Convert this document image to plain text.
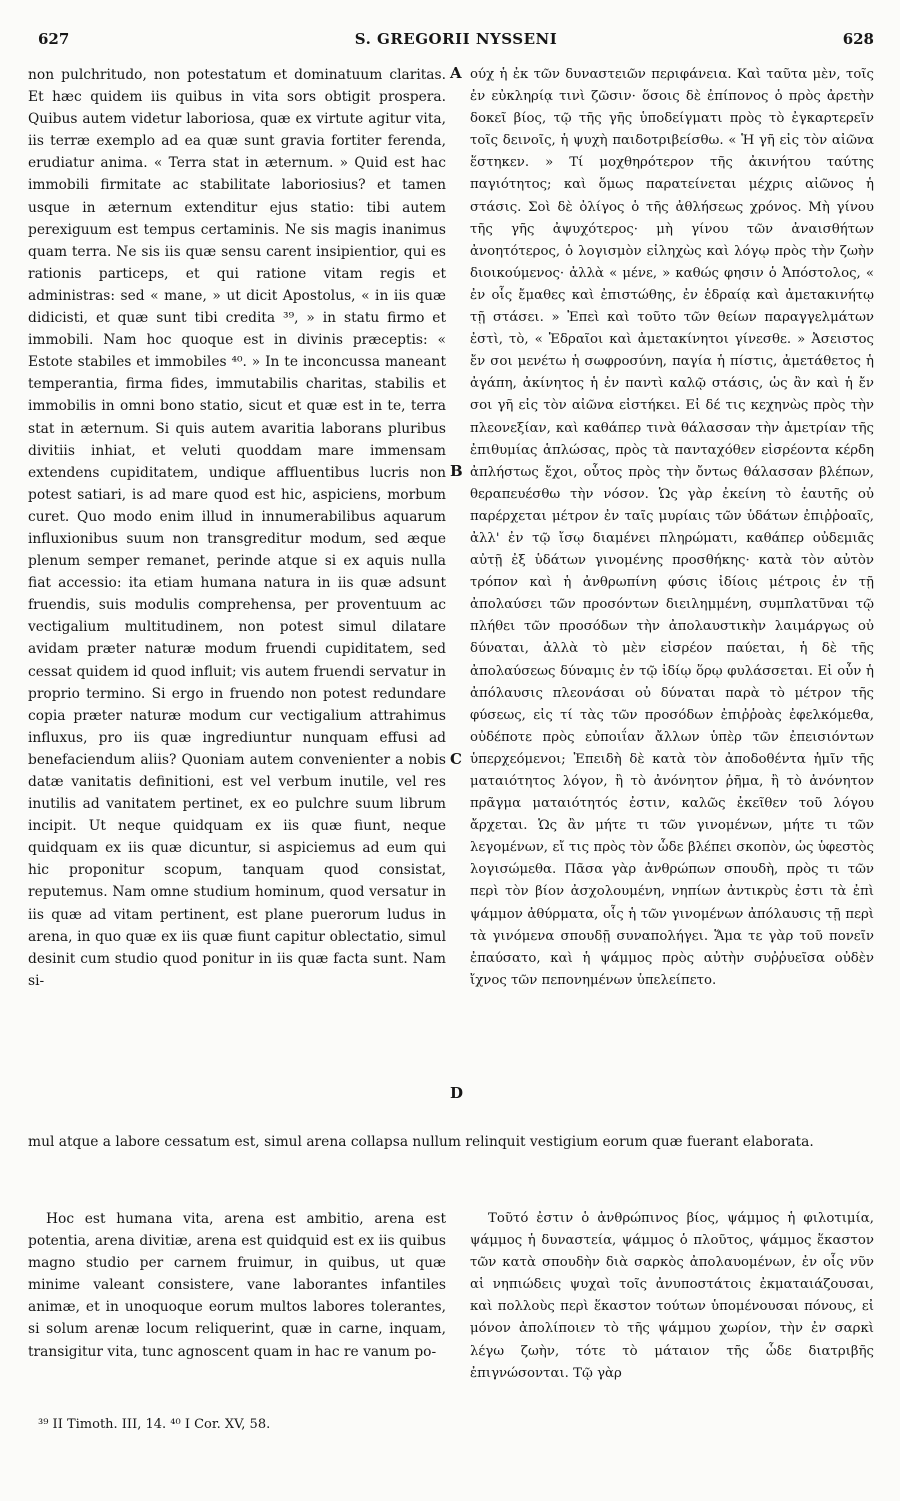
627	S. GREGORII NYSSENI	628

non pulchritudo, non potestatum et dominatuum claritas. Et hæc quidem iis quibus in vita sors obtigit prospera. Quibus autem videtur laboriosa, quæ ex virtute agitur vita, iis terræ exemplo ad ea quæ sunt gravia fortiter ferenda, erudiatur anima. « Terra stat in æternum. » Quid est hac immobili firmitate ac stabilitate laboriosius? et tamen usque in æternum extenditur ejus statio: tibi autem perexiguum est tempus certaminis. Ne sis magis inanimus quam terra. Ne sis iis quæ sensu carent insipientior, qui es rationis particeps, et qui ratione vitam regis et administras: sed « mane, » ut dicit Apostolus, « in iis quæ didicisti, et quæ sunt tibi credita ³⁹, » in statu firmo et immobili. Nam hoc quoque est in divinis præceptis: « Estote stabiles et immobiles ⁴⁰. » In te inconcussa maneant temperantia, firma fides, immutabilis charitas, stabilis et immobilis in omni bono statio, sicut et quæ est in te, terra stat in æternum. Si quis autem avaritia laborans pluribus divitiis inhiat, et veluti quoddam mare immensam extendens cupiditatem, undique affluentibus lucris non potest satiari, is ad mare quod est hic, aspiciens, morbum curet. Quo modo enim illud in innumerabilibus aquarum influxionibus suum non transgreditur modum, sed æque plenum semper remanet, perinde atque si ex aquis nulla fiat accessio: ita etiam humana natura in iis quæ adsunt fruendis, suis modulis comprehensa, per proventuum ac vectigalium multitudinem, non potest simul dilatare avidam præter naturæ modum fruendi cupiditatem, sed cessat quidem id quod influit; vis autem fruendi servatur in proprio termino. Si ergo in fruendo non potest redundare copia præter naturæ modum cur vectigalium attrahimus influxus, pro iis quæ ingrediuntur nunquam effusi ad benefaciendum aliis? Quoniam autem convenienter a nobis datæ vanitatis definitioni, est vel verbum inutile, vel res inutilis ad vanitatem pertinet, ex eo pulchre suum librum incipit. Ut neque quidquam ex iis quæ fiunt, neque quidquam ex iis quæ dicuntur, si aspiciemus ad eum qui hic proponitur scopum, tanquam quod consistat, reputemus. Nam omne studium hominum, quod versatur in iis quæ ad vitam pertinent, est plane puerorum ludus in arena, in quo quæ ex iis quæ fiunt capitur oblectatio, simul desinit cum studio quod ponitur in iis quæ facta sunt. Nam si-

A
B
C
D

ούχ ἡ ἐκ τῶν δυναστειῶν περιφάνεια. Καὶ ταῦτα μὲν, τοῖς ἐν εὐκληρίᾳ τινὶ ζῶσιν· ὅσοις δὲ ἐπίπονος ὁ πρὸς ἀρετὴν δοκεῖ βίος, τῷ τῆς γῆς ὑποδείγματι πρὸς τὸ ἐγκαρτερεῖν τοῖς δεινοῖς, ἡ ψυχὴ παιδοτριβείσθω. « Ἡ γῆ εἰς τὸν αἰῶνα ἕστηκεν. » Τί μοχθηρότερον τῆς ἀκινήτου ταύτης παγιότητος; καὶ ὅμως παρατείνεται μέχρις αἰῶνος ἡ στάσις. Σοὶ δὲ ὀλίγος ὁ τῆς ἀθλήσεως χρόνος. Μὴ γίνου τῆς γῆς ἀψυχότερος· μὴ γίνου τῶν ἀναισθήτων ἀνοητότερος, ὁ λογισμὸν εἰληχὼς καὶ λόγῳ πρὸς τὴν ζωὴν διοικούμενος· ἀλλὰ « μένε, » καθώς φησιν ὁ Ἀπόστολος, « ἐν οἷς ἔμαθες καὶ ἐπιστώθης, ἐν ἑδραίᾳ καὶ ἀμετακινήτῳ τῇ στάσει. » Ἐπεὶ καὶ τοῦτο τῶν θείων παραγγελμάτων ἐστὶ, τὸ, « Ἑδραῖοι καὶ ἀμετακίνητοι γίνεσθε. » Ἀσειστος ἔν σοι μενέτω ἡ σωφροσύνη, παγία ἡ πίστις, ἀμετάθετος ἡ ἀγάπη, ἀκίνητος ἡ ἐν παντὶ καλῷ στάσις, ὡς ἂν καὶ ἡ ἔν σοι γῆ εἰς τὸν αἰῶνα εἱστήκει. Εἰ δέ τις κεχηνὼς πρὸς τὴν πλεονεξίαν, καὶ καθάπερ τινὰ θάλασσαν τὴν ἀμετρίαν τῆς ἐπιθυμίας ἁπλώσας, πρὸς τὰ πανταχόθεν εἰσρέοντα κέρδη ἀπλήστως ἔχοι, οὗτος πρὸς τὴν ὄντως θάλασσαν βλέπων, θεραπευέσθω τὴν νόσον. Ὡς γὰρ ἐκείνη τὸ ἑαυτῆς οὐ παρέρχεται μέτρον ἐν ταῖς μυρίαις τῶν ὑδάτων ἐπιῤῥοαῖς, ἀλλ' ἐν τῷ ἴσῳ διαμένει πληρώματι, καθάπερ οὐδεμιᾶς αὐτῇ ἐξ ὑδάτων γινομένης προσθήκης· κατὰ τὸν αὐτὸν τρόπον καὶ ἡ ἀνθρωπίνη φύσις ἰδίοις μέτροις ἐν τῇ ἀπολαύσει τῶν προσόντων διειλημμένη, συμπλατῦναι τῷ πλήθει τῶν προσόδων τὴν ἀπολαυστικὴν λαιμάργως οὐ δύναται, ἀλλὰ τὸ μὲν εἰσρέον παύεται, ἡ δὲ τῆς ἀπολαύσεως δύναμις ἐν τῷ ἰδίῳ ὅρῳ φυλάσσεται. Εἰ οὖν ἡ ἀπόλαυσις πλεονάσαι οὐ δύναται παρὰ τὸ μέτρον τῆς φύσεως, εἰς τί τὰς τῶν προσόδων ἐπιῤῥοὰς ἐφελκόμεθα, οὐδέποτε πρὸς εὐποιΐαν ἄλλων ὑπὲρ τῶν ἐπεισιόντων ὑπερχεόμενοι; Ἐπειδὴ δὲ κατὰ τὸν ἀποδοθέντα ἡμῖν τῆς ματαιότητος λόγον, ἢ τὸ ἀνόνητον ῥῆμα, ἢ τὸ ἀνόνητον πρᾶγμα ματαιότητός ἐστιν, καλῶς ἐκεῖθεν τοῦ λόγου ἄρχεται. Ὡς ἂν μήτε τι τῶν γινομένων, μήτε τι τῶν λεγομένων, εἴ τις πρὸς τὸν ὧδε βλέπει σκοπὸν, ὡς ὑφεστὸς λογισώμεθα. Πᾶσα γὰρ ἀνθρώπων σπουδὴ, πρὸς τι τῶν περὶ τὸν βίον ἀσχολουμένη, νηπίων ἀντικρὺς ἐστι τὰ ἐπὶ ψάμμον ἀθύρματα, οἷς ἡ τῶν γινομένων ἀπόλαυσις τῇ περὶ τὰ γινόμενα σπουδῇ συναπολήγει. Ἅμα τε γὰρ τοῦ πονεῖν ἐπαύσατο, καὶ ἡ ψάμμος πρὸς αὐτὴν συῤῥυεῖσα οὐδὲν ἴχνος τῶν πεπονημένων ὑπελείπετο.

mul atque a labore cessatum est, simul arena collapsa nullum relinquit vestigium eorum quæ fuerant elaborata.

Hoc est humana vita, arena est ambitio, arena est potentia, arena divitiæ, arena est quidquid est ex iis quibus magno studio per carnem fruimur, in quibus, ut quæ minime valeant consistere, vane laborantes infantiles animæ, et in unoquoque eorum multos labores tolerantes, si solum arenæ locum reliquerint, quæ in carne, inquam, transigitur vita, tunc agnoscent quam in hac re vanum po-

Τοῦτό ἐστιν ὁ ἀνθρώπινος βίος, ψάμμος ἡ φιλοτιμία, ψάμμος ἡ δυναστεία, ψάμμος ὁ πλοῦτος, ψάμμος ἕκαστον τῶν κατὰ σπουδὴν διὰ σαρκὸς ἀπολαυομένων, ἐν οἷς νῦν αἱ νηπιώδεις ψυχαὶ τοῖς ἀνυποστάτοις ἐκματαιάζουσαι, καὶ πολλοὺς περὶ ἕκαστον τούτων ὑπομένουσαι πόνους, εἰ μόνον ἀπολίποιεν τὸ τῆς ψάμμου χωρίον, τὴν ἐν σαρκὶ λέγω ζωὴν, τότε τὸ μάταιον τῆς ὧδε διατριβῆς ἐπιγνώσονται. Τῷ γὰρ

³⁹ II Timoth. III, 14. ⁴⁰ I Cor. XV, 58.
